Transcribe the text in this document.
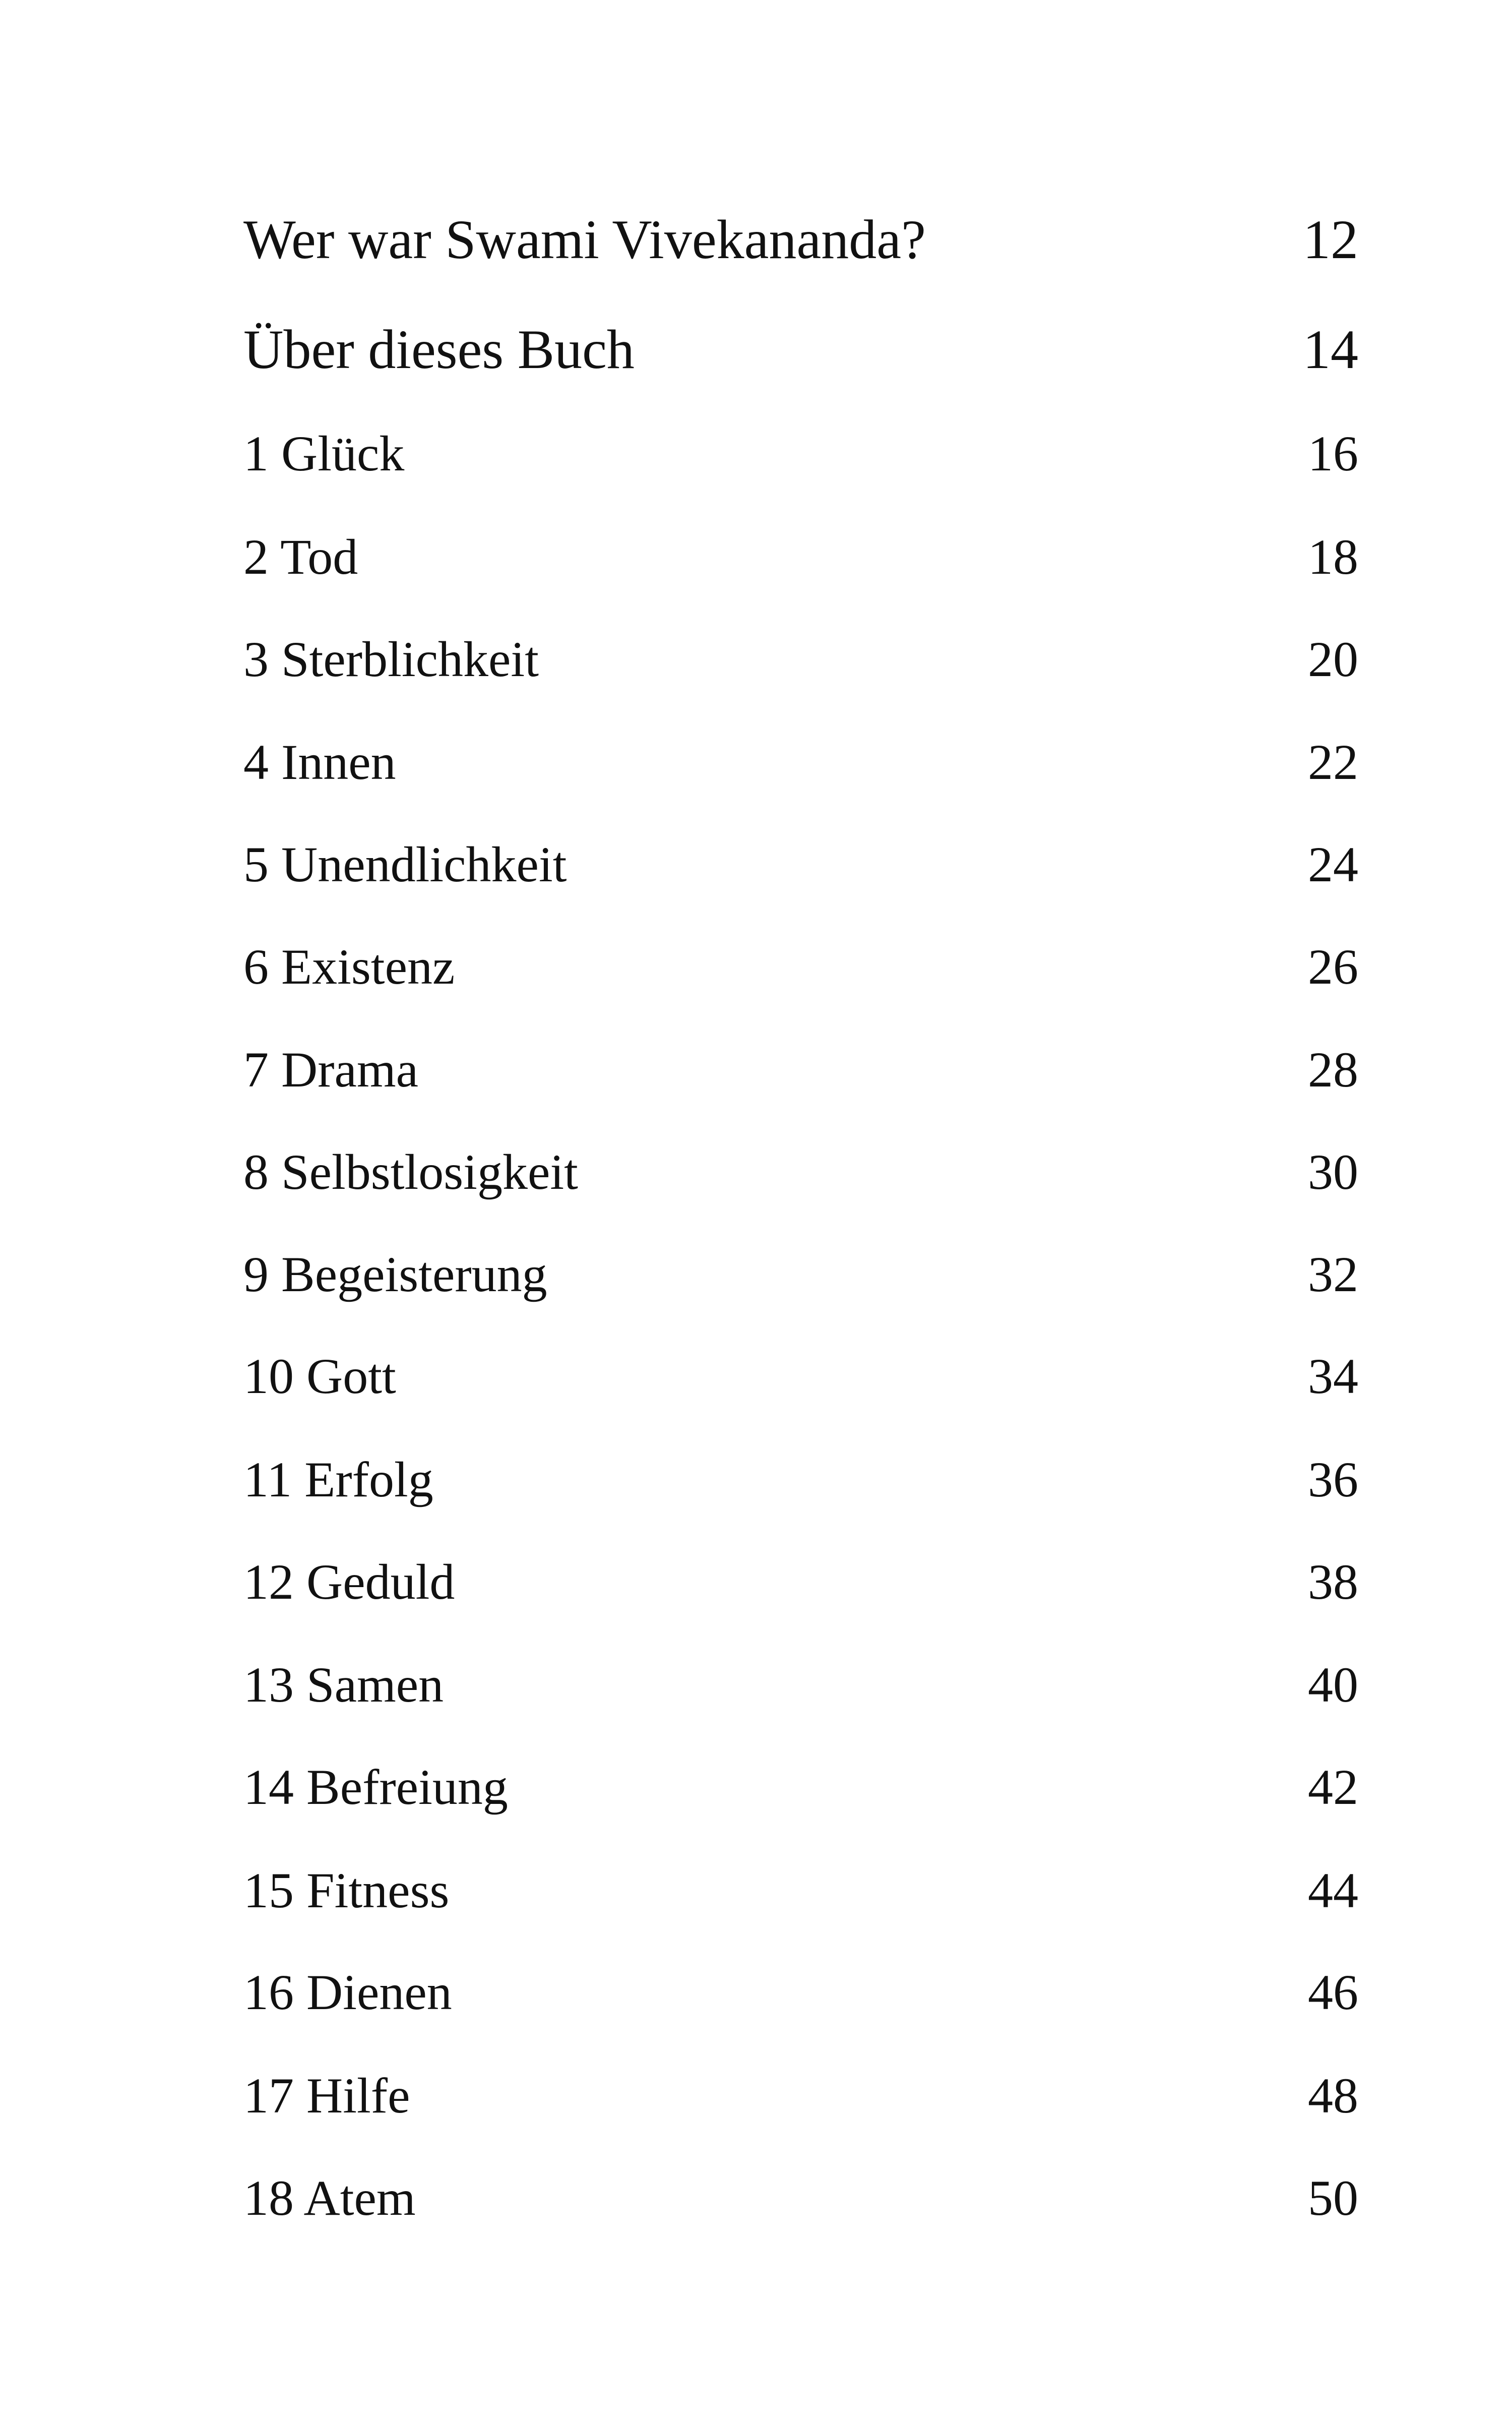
Wer war Swami Vivekananda?	12
Über dieses Buch	14
1 Glück	16
2 Tod	18
3 Sterblichkeit	20
4 Innen	22
5 Unendlichkeit	24
6 Existenz	26
7 Drama	28
8 Selbstlosigkeit	30
9 Begeisterung	32
10 Gott	34
11 Erfolg	36
12 Geduld	38
13 Samen	40
14 Befreiung	42
15 Fitness	44
16 Dienen	46
17 Hilfe	48
18 Atem	50
